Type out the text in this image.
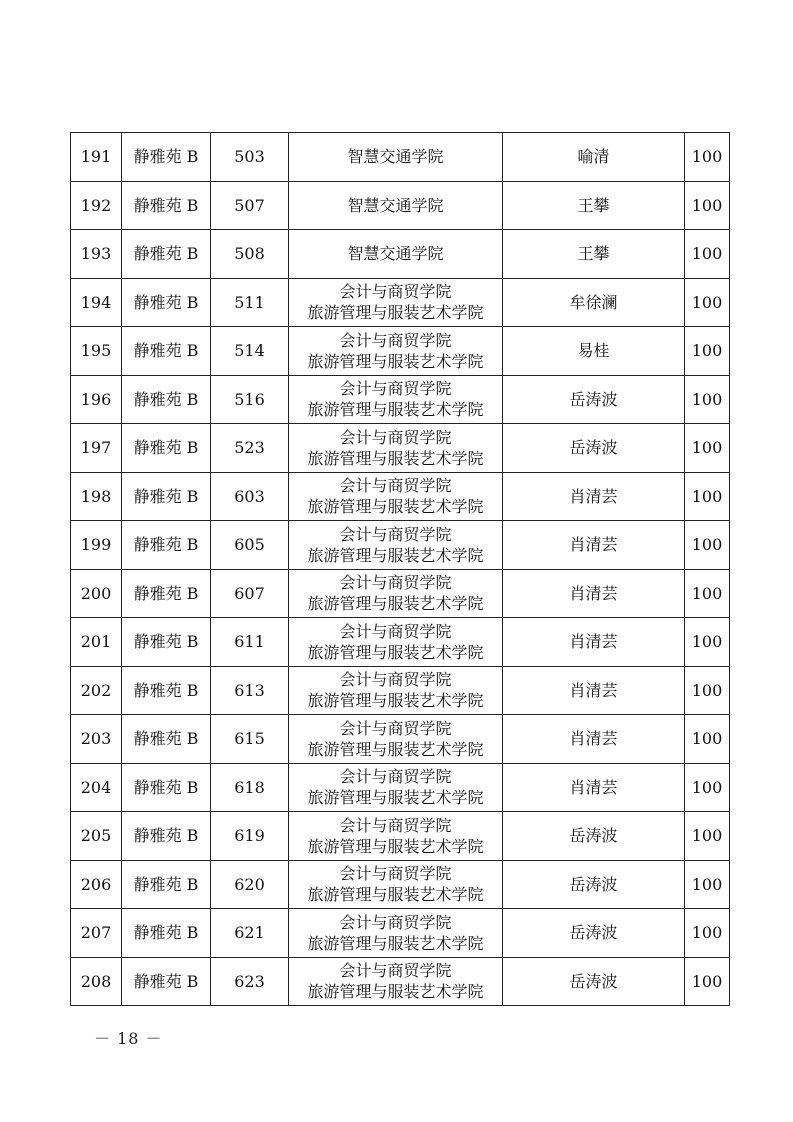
191	静雅苑 B	503	智慧交通学院	喻清	100
192	静雅苑 B	507	智慧交通学院	王攀	100
193	静雅苑 B	508	智慧交通学院	王攀	100
194	静雅苑 B	511	会计与商贸学院
旅游管理与服装艺术学院	牟徐澜	100
195	静雅苑 B	514	会计与商贸学院
旅游管理与服装艺术学院	易桂	100
196	静雅苑 B	516	会计与商贸学院
旅游管理与服装艺术学院	岳涛波	100
197	静雅苑 B	523	会计与商贸学院
旅游管理与服装艺术学院	岳涛波	100
198	静雅苑 B	603	会计与商贸学院
旅游管理与服装艺术学院	肖清芸	100
199	静雅苑 B	605	会计与商贸学院
旅游管理与服装艺术学院	肖清芸	100
200	静雅苑 B	607	会计与商贸学院
旅游管理与服装艺术学院	肖清芸	100
201	静雅苑 B	611	会计与商贸学院
旅游管理与服装艺术学院	肖清芸	100
202	静雅苑 B	613	会计与商贸学院
旅游管理与服装艺术学院	肖清芸	100
203	静雅苑 B	615	会计与商贸学院
旅游管理与服装艺术学院	肖清芸	100
204	静雅苑 B	618	会计与商贸学院
旅游管理与服装艺术学院	肖清芸	100
205	静雅苑 B	619	会计与商贸学院
旅游管理与服装艺术学院	岳涛波	100
206	静雅苑 B	620	会计与商贸学院
旅游管理与服装艺术学院	岳涛波	100
207	静雅苑 B	621	会计与商贸学院
旅游管理与服装艺术学院	岳涛波	100
208	静雅苑 B	623	会计与商贸学院
旅游管理与服装艺术学院	岳涛波	100
－ 18 －
